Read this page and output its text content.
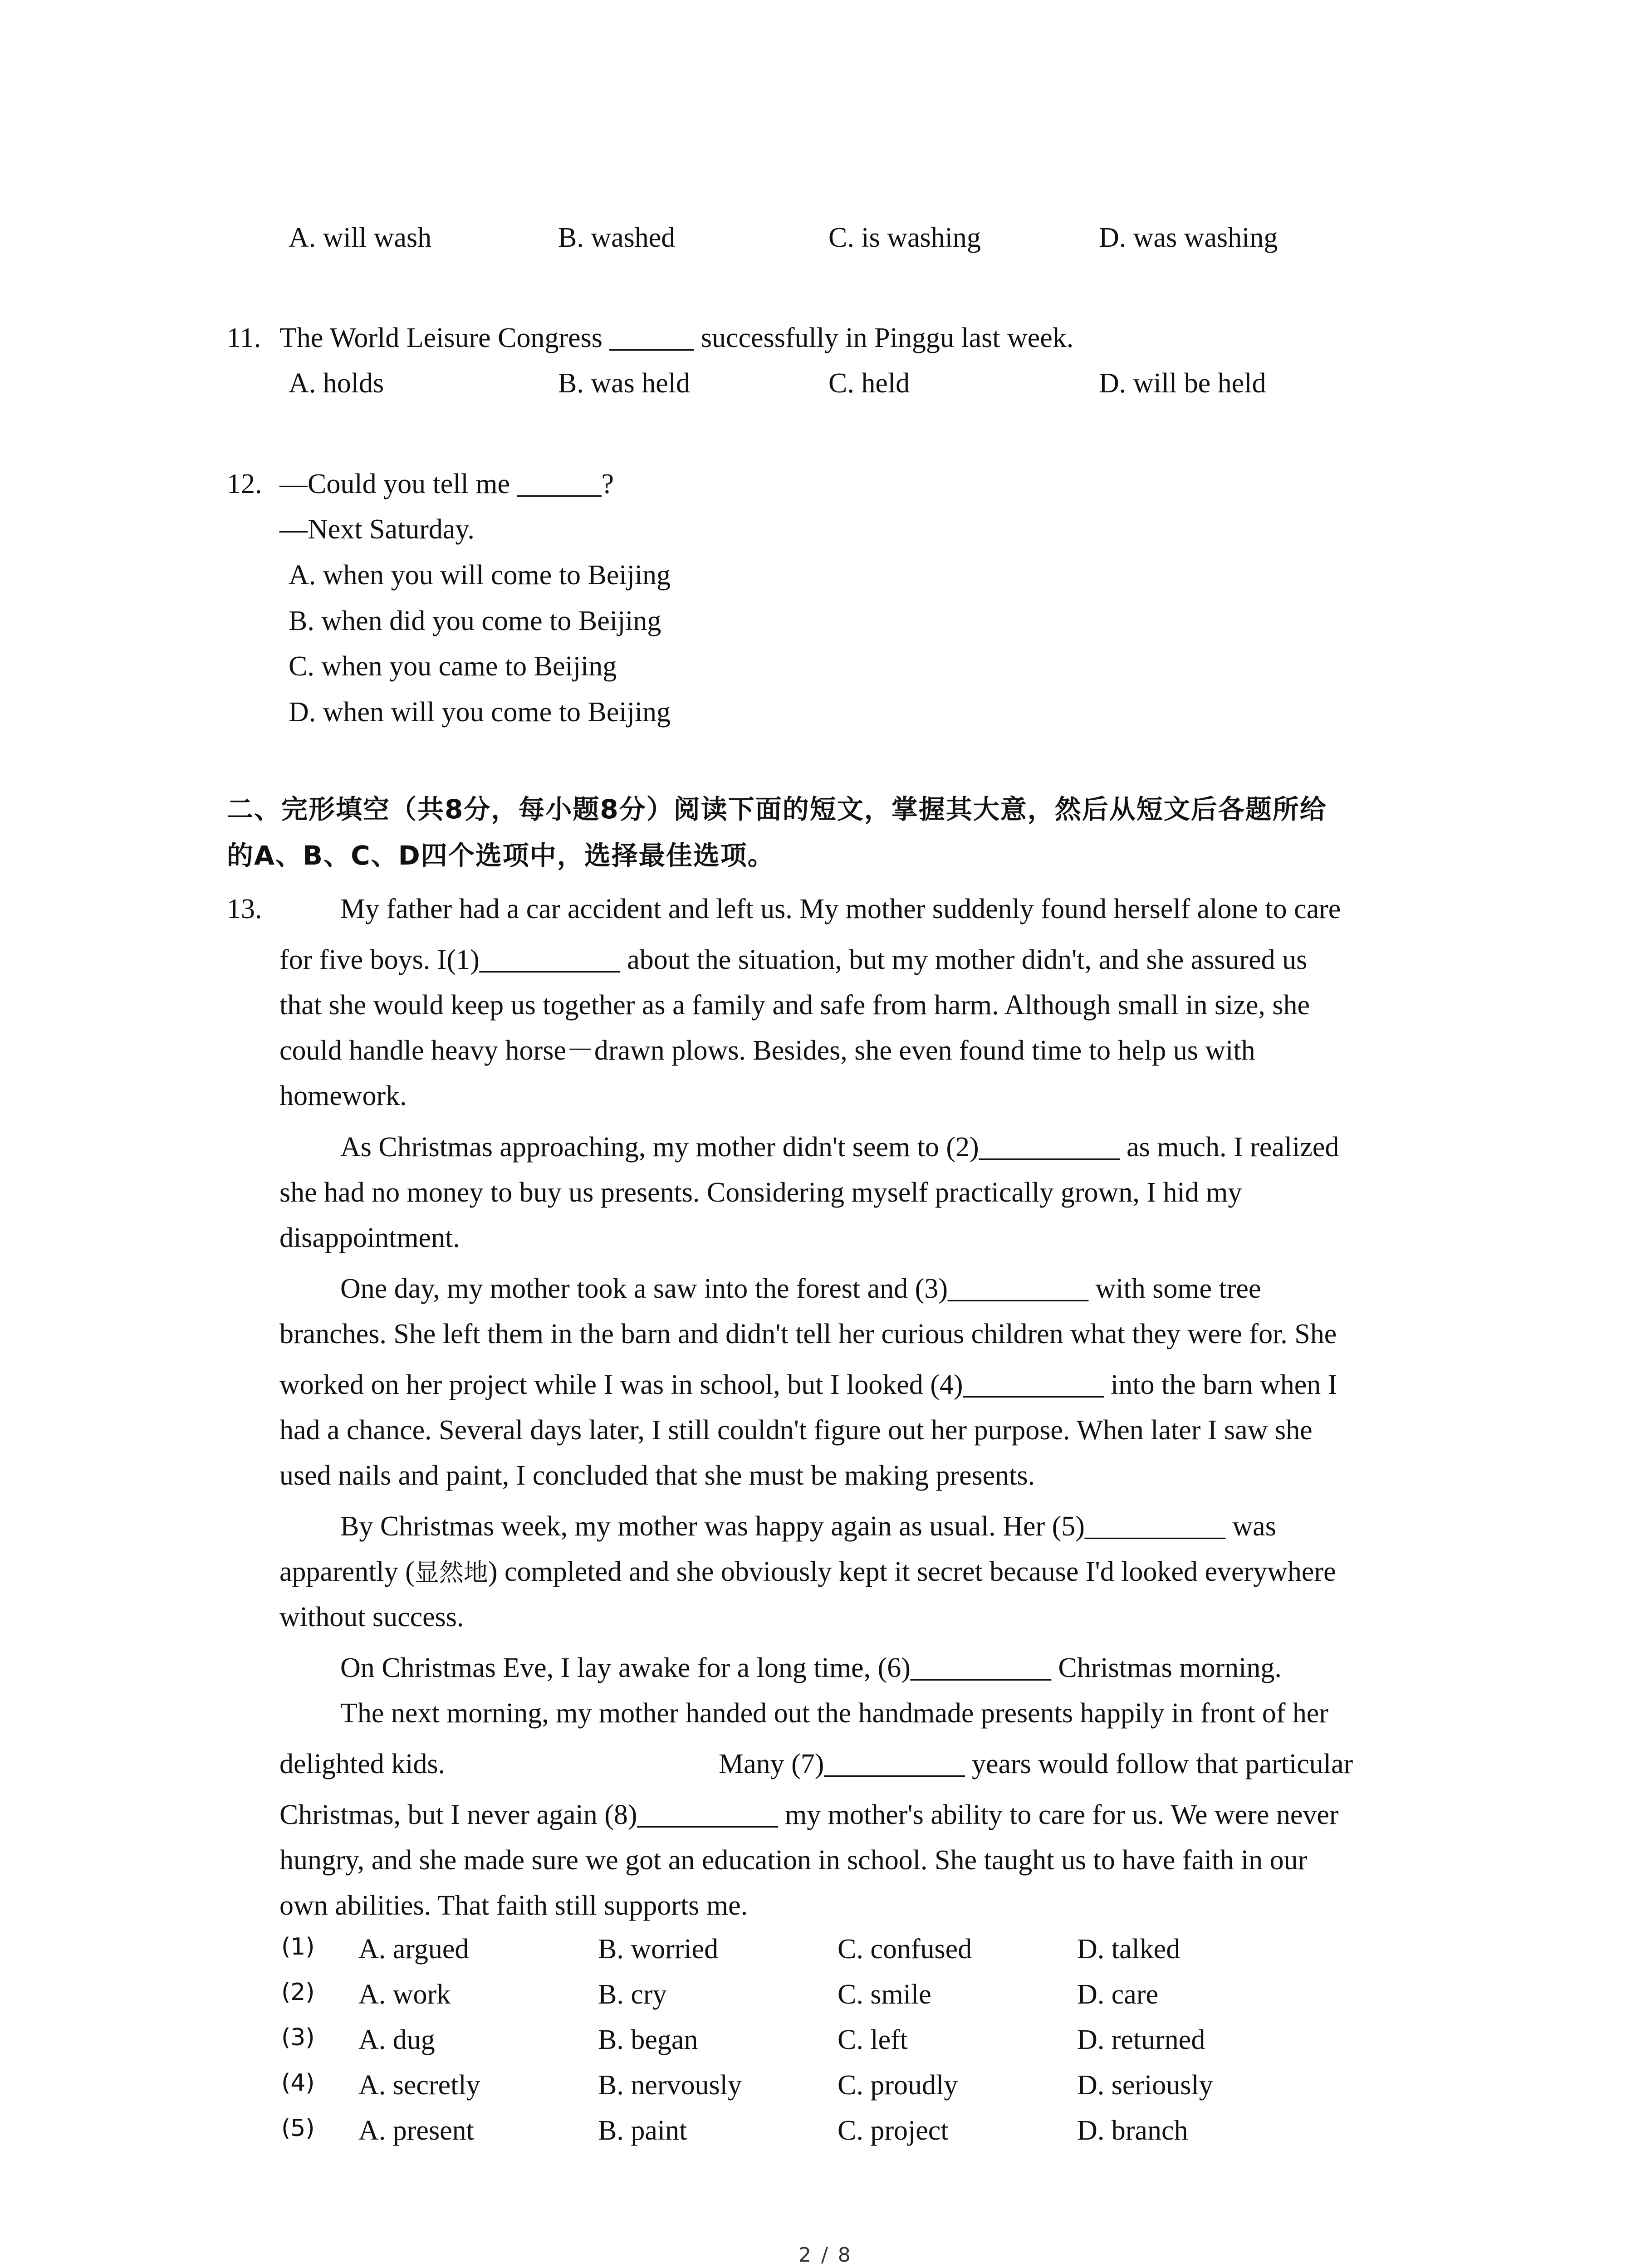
A. will wash	B. washed	C. is washing	D. was washing
11. The World Leisure Congress ______ successfully in Pinggu last week.
A. holds	B. was held	C. held	D. will be held
12. —Could you tell me ______?
—Next Saturday.
A. when you will come to Beijing
B. when did you come to Beijing
C. when you came to Beijing
D. when will you come to Beijing
二、完形填空（共8分，每小题8分）阅读下面的短文，掌握其大意，然后从短文后各题所给
的A、B、C、D四个选项中，选择最佳选项。
13.	My father had a car accident and left us. My mother suddenly found herself alone to care
for five boys. I(1)__________ about the situation, but my mother didn't, and she assured us
that she would keep us together as a family and safe from harm. Although small in size, she
could handle heavy horse－drawn plows. Besides, she even found time to help us with
homework.
As Christmas approaching, my mother didn't seem to (2)__________ as much. I realized
she had no money to buy us presents. Considering myself practically grown, I hid my
disappointment.
One day, my mother took a saw into the forest and (3)__________ with some tree
branches. She left them in the barn and didn't tell her curious children what they were for. She
worked on her project while I was in school, but I looked (4)__________ into the barn when I
had a chance. Several days later, I still couldn't figure out her purpose. When later I saw she
used nails and paint, I concluded that she must be making presents.
By Christmas week, my mother was happy again as usual. Her (5)__________ was
apparently (显然地) completed and she obviously kept it secret because I'd looked everywhere
without success.
On Christmas Eve, I lay awake for a long time, (6)__________ Christmas morning.
The next morning, my mother handed out the handmade presents happily in front of her
delighted kids.	Many (7)__________ years would follow that particular
Christmas, but I never again (8)__________ my mother's ability to care for us. We were never
hungry, and she made sure we got an education in school. She taught us to have faith in our
own abilities. That faith still supports me.
(1) A. argued	B. worried	C. confused	D. talked
(2) A. work	B. cry	C. smile	D. care
(3) A. dug	B. began	C. left	D. returned
(4) A. secretly	B. nervously	C. proudly	D. seriously
(5) A. present	B. paint	C. project	D. branch
2 / 8
